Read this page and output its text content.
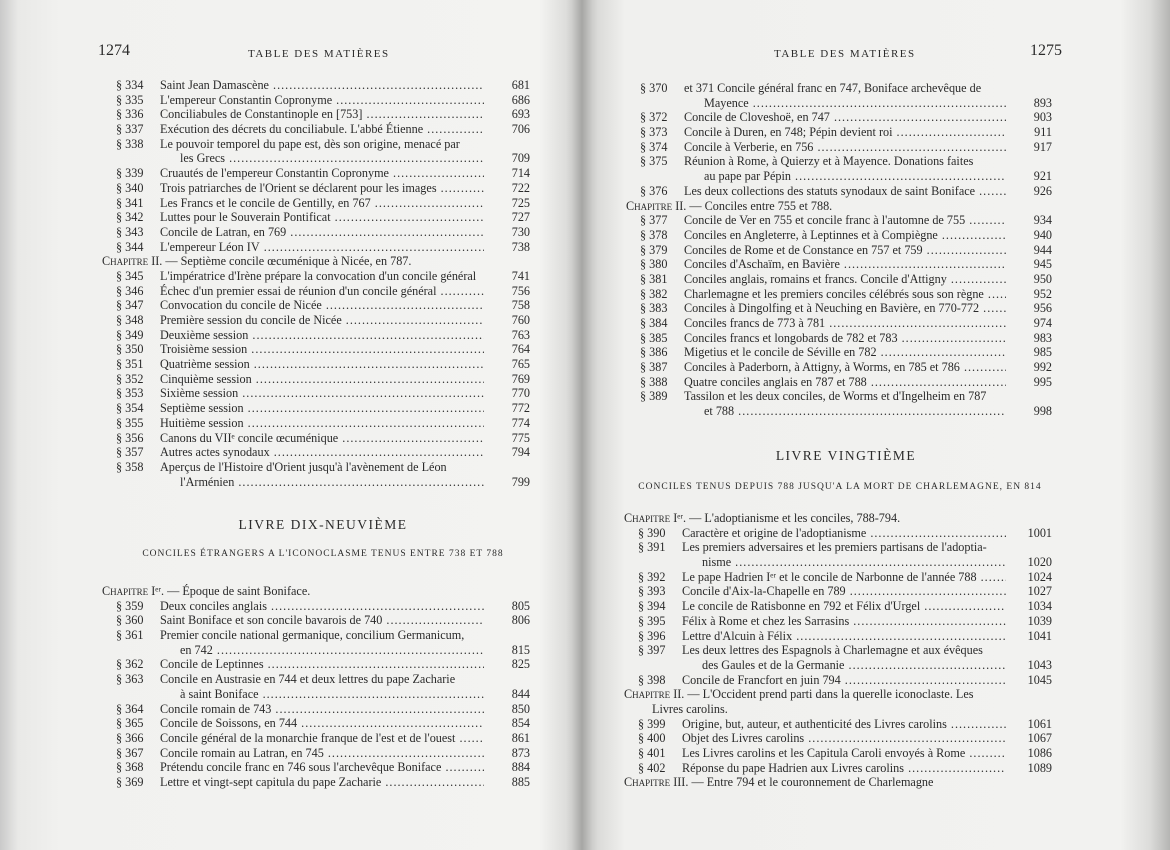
1274	TABLE DES MATIÈRES
§ 334	Saint Jean Damascène .....	681
§ 335	L'empereur Constantin Copronyme .....	686
§ 336	Conciliabules de Constantinople en [753] .....	693
§ 337	Exécution des décrets du conciliabule. L'abbé Étienne .....	706
§ 338	Le pouvoir temporel du pape est, dès son origine, menacé par
les Grecs .....	709
§ 339	Cruautés de l'empereur Constantin Copronyme .....	714
§ 340	Trois patriarches de l'Orient se déclarent pour les images .....	722
§ 341	Les Francs et le concile de Gentilly, en 767 .....	725
§ 342	Luttes pour le Souverain Pontificat .....	727
§ 343	Concile de Latran, en 769 .....	730
§ 344	L'empereur Léon IV .....	738
Chapitre II. — Septième concile œcuménique à Nicée, en 787.
§ 345	L'impératrice d'Irène prépare la convocation d'un concile général	741
§ 346	Échec d'un premier essai de réunion d'un concile général .....	756
§ 347	Convocation du concile de Nicée .....	758
§ 348	Première session du concile de Nicée .....	760
§ 349	Deuxième session .....	763
§ 350	Troisième session .....	764
§ 351	Quatrième session .....	765
§ 352	Cinquième session .....	769
§ 353	Sixième session .....	770
§ 354	Septième session .....	772
§ 355	Huitième session .....	774
§ 356	Canons du VIIᵉ concile œcuménique .....	775
§ 357	Autres actes synodaux .....	794
§ 358	Aperçus de l'Histoire d'Orient jusqu'à l'avènement de Léon
l'Arménien .....	799
LIVRE DIX-NEUVIÈME
CONCILES ÉTRANGERS A L'ICONOCLASME TENUS ENTRE 738 ET 788
Chapitre Iᵉʳ. — Époque de saint Boniface.
§ 359	Deux conciles anglais .....	805
§ 360	Saint Boniface et son concile bavarois de 740 .....	806
§ 361	Premier concile national germanique, concilium Germanicum,
en 742 .....	815
§ 362	Concile de Leptinnes .....	825
§ 363	Concile en Austrasie en 744 et deux lettres du pape Zacharie
à saint Boniface .....	844
§ 364	Concile romain de 743 .....	850
§ 365	Concile de Soissons, en 744 .....	854
§ 366	Concile général de la monarchie franque de l'est et de l'ouest .....	861
§ 367	Concile romain au Latran, en 745 .....	873
§ 368	Prétendu concile franc en 746 sous l'archevêque Boniface .....	884
§ 369	Lettre et vingt-sept capitula du pape Zacharie .....	885
TABLE DES MATIÈRES	1275
§ 370	et 371 Concile général franc en 747, Boniface archevêque de
Mayence .....	893
§ 372	Concile de Cloveshoë, en 747 .....	903
§ 373	Concile à Duren, en 748; Pépin devient roi .....	911
§ 374	Concile à Verberie, en 756 .....	917
§ 375	Réunion à Rome, à Quierzy et à Mayence. Donations faites
au pape par Pépin .....	921
§ 376	Les deux collections des statuts synodaux de saint Boniface .....	926
Chapitre II. — Conciles entre 755 et 788.
§ 377	Concile de Ver en 755 et concile franc à l'automne de 755 .....	934
§ 378	Conciles en Angleterre, à Leptinnes et à Compiègne .....	940
§ 379	Conciles de Rome et de Constance en 757 et 759 .....	944
§ 380	Conciles d'Aschaïm, en Bavière .....	945
§ 381	Conciles anglais, romains et francs. Concile d'Attigny .....	950
§ 382	Charlemagne et les premiers conciles célébrés sous son règne .....	952
§ 383	Conciles à Dingolfing et à Neuching en Bavière, en 770-772 .....	956
§ 384	Conciles francs de 773 à 781 .....	974
§ 385	Conciles francs et longobards de 782 et 783 .....	983
§ 386	Migetius et le concile de Séville en 782 .....	985
§ 387	Conciles à Paderborn, à Attigny, à Worms, en 785 et 786 .....	992
§ 388	Quatre conciles anglais en 787 et 788 .....	995
§ 389	Tassilon et les deux conciles, de Worms et d'Ingelheim en 787
et 788 .....	998
LIVRE VINGTIÈME
CONCILES TENUS DEPUIS 788 JUSQU'A LA MORT DE CHARLEMAGNE, EN 814
Chapitre Iᵉʳ. — L'adoptianisme et les conciles, 788-794.
§ 390	Caractère et origine de l'adoptianisme .....	1001
§ 391	Les premiers adversaires et les premiers partisans de l'adoptia-
nisme .....	1020
§ 392	Le pape Hadrien Iᵉʳ et le concile de Narbonne de l'année 788 .....	1024
§ 393	Concile d'Aix-la-Chapelle en 789 .....	1027
§ 394	Le concile de Ratisbonne en 792 et Félix d'Urgel .....	1034
§ 395	Félix à Rome et chez les Sarrasins .....	1039
§ 396	Lettre d'Alcuin à Félix .....	1041
§ 397	Les deux lettres des Espagnols à Charlemagne et aux évêques
des Gaules et de la Germanie .....	1043
§ 398	Concile de Francfort en juin 794 .....	1045
Chapitre II. — L'Occident prend parti dans la querelle iconoclaste. Les
Livres carolins.
§ 399	Origine, but, auteur, et authenticité des Livres carolins .....	1061
§ 400	Objet des Livres carolins .....	1067
§ 401	Les Livres carolins et les Capitula Caroli envoyés à Rome .....	1086
§ 402	Réponse du pape Hadrien aux Livres carolins .....	1089
Chapitre III. — Entre 794 et le couronnement de Charlemagne
